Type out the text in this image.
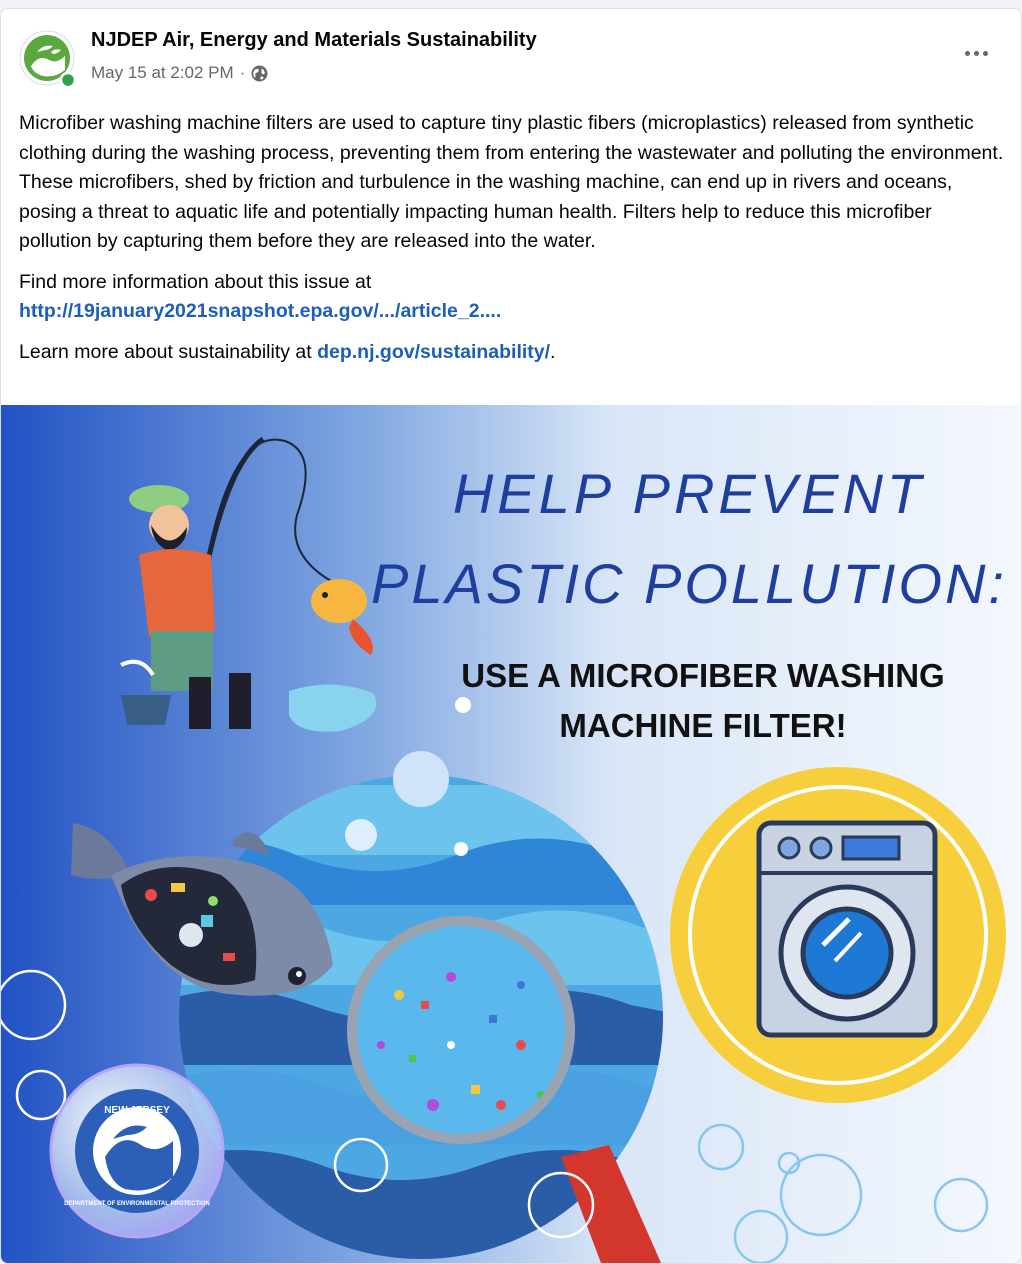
NJDEP Air, Energy and Materials Sustainability
May 15 at 2:02 PM ·

Microfiber washing machine filters are used to capture tiny plastic fibers (microplastics) released from synthetic clothing during the washing process, preventing them from entering the wastewater and polluting the environment. These microfibers, shed by friction and turbulence in the washing machine, can end up in rivers and oceans, posing a threat to aquatic life and potentially impacting human health. Filters help to reduce this microfiber pollution by capturing them before they are released into the water.

Find more information about this issue at
http://19january2021snapshot.epa.gov/.../article_2....

Learn more about sustainability at dep.nj.gov/sustainability/.

HELP PREVENT
PLASTIC POLLUTION:
USE A MICROFIBER WASHING
MACHINE FILTER!
NEW JERSEY
DEPARTMENT OF ENVIRONMENTAL PROTECTION
